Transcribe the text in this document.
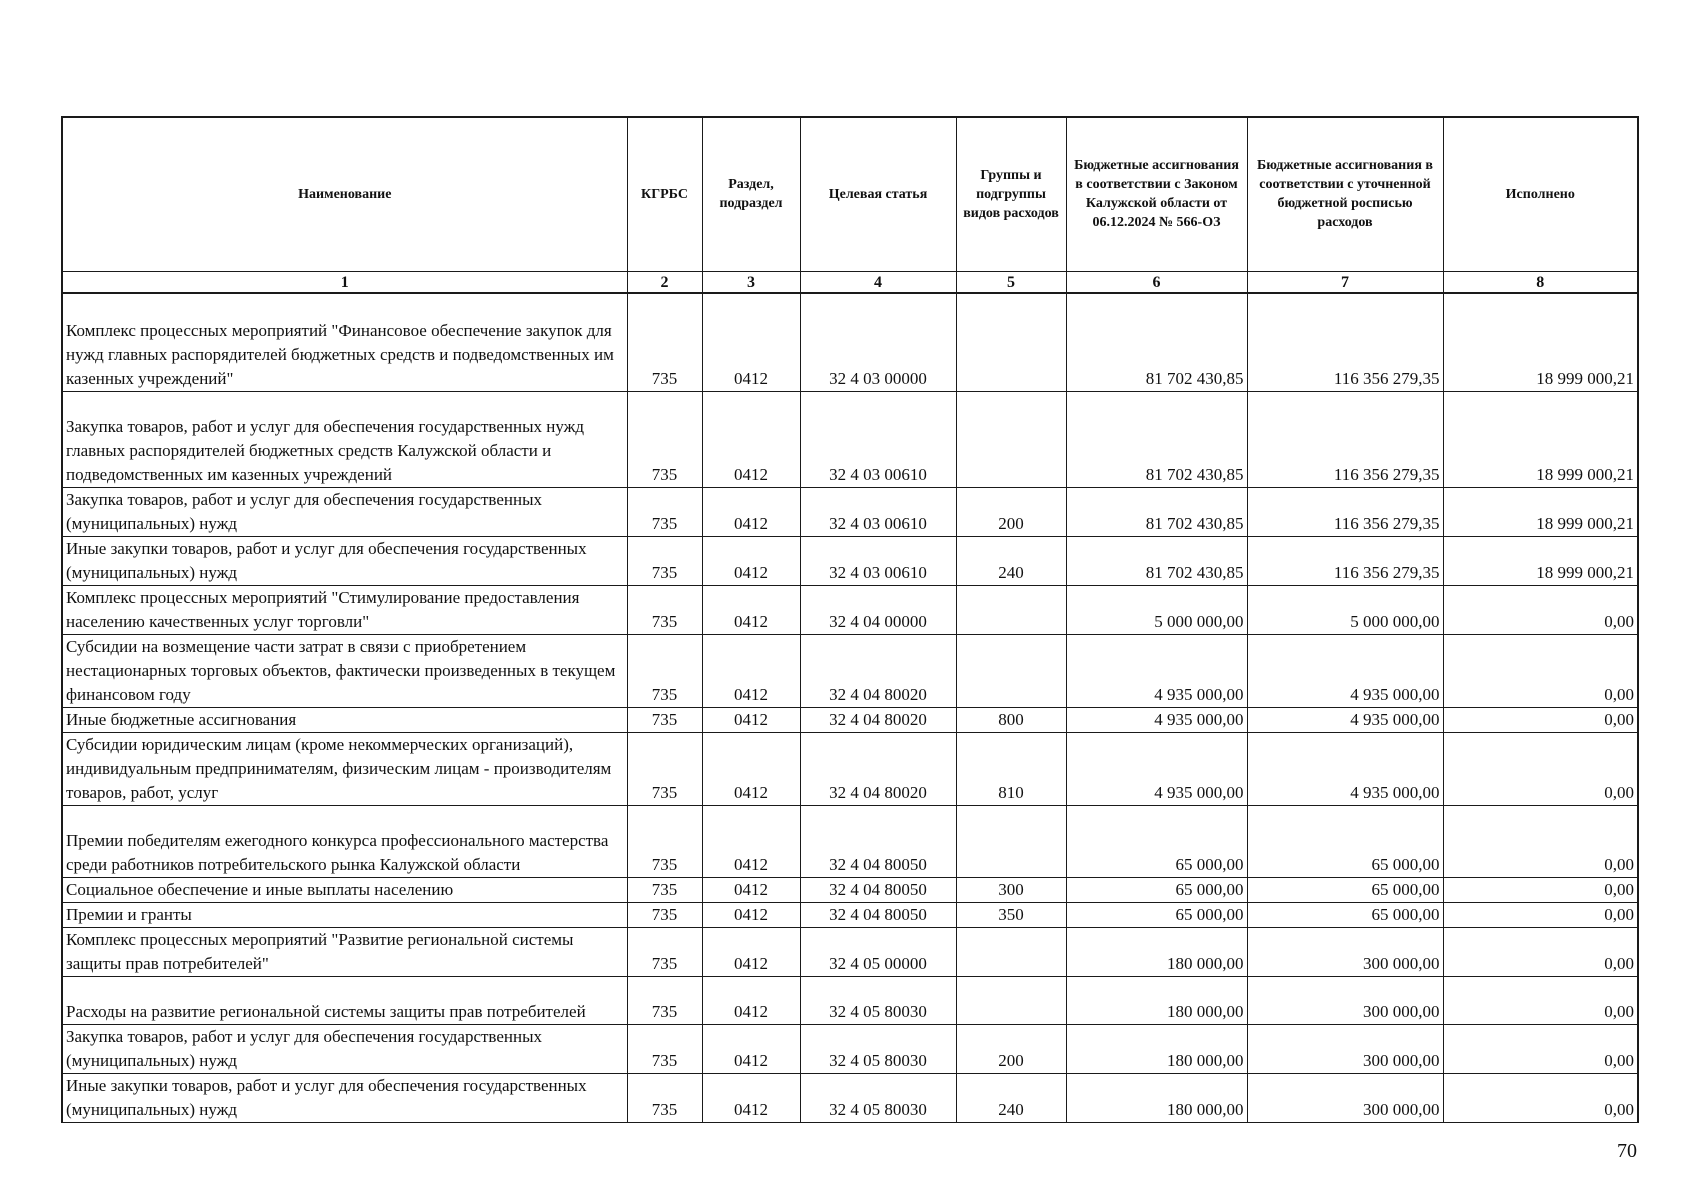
Наименование	КГРБС	Раздел, подраздел	Целевая статья	Группы и подгруппы видов расходов	Бюджетные ассигнования в соответствии с Законом Калужской области от 06.12.2024 № 566-ОЗ	Бюджетные ассигнования в соответствии с уточненной бюджетной росписью расходов	Исполнено
1	2	3	4	5	6	7	8
Комплекс процессных мероприятий "Финансовое обеспечение закупок для нужд главных распорядителей бюджетных средств и подведомственных им казенных учреждений"	735	0412	32 4 03 00000		81 702 430,85	116 356 279,35	18 999 000,21
Закупка товаров, работ и услуг для обеспечения государственных нужд главных распорядителей бюджетных средств Калужской области и подведомственных им казенных учреждений	735	0412	32 4 03 00610		81 702 430,85	116 356 279,35	18 999 000,21
Закупка товаров, работ и услуг для обеспечения государственных (муниципальных) нужд	735	0412	32 4 03 00610	200	81 702 430,85	116 356 279,35	18 999 000,21
Иные закупки товаров, работ и услуг для обеспечения государственных (муниципальных) нужд	735	0412	32 4 03 00610	240	81 702 430,85	116 356 279,35	18 999 000,21
Комплекс процессных мероприятий "Стимулирование предоставления населению качественных услуг торговли"	735	0412	32 4 04 00000		5 000 000,00	5 000 000,00	0,00
Субсидии на возмещение части затрат в связи с приобретением нестационарных торговых объектов, фактически произведенных в текущем финансовом году	735	0412	32 4 04 80020		4 935 000,00	4 935 000,00	0,00
Иные бюджетные ассигнования	735	0412	32 4 04 80020	800	4 935 000,00	4 935 000,00	0,00
Субсидии юридическим лицам (кроме некоммерческих организаций), индивидуальным предпринимателям, физическим лицам - производителям товаров, работ, услуг	735	0412	32 4 04 80020	810	4 935 000,00	4 935 000,00	0,00
Премии победителям ежегодного конкурса профессионального мастерства среди работников потребительского рынка Калужской области	735	0412	32 4 04 80050		65 000,00	65 000,00	0,00
Социальное обеспечение и иные выплаты населению	735	0412	32 4 04 80050	300	65 000,00	65 000,00	0,00
Премии и гранты	735	0412	32 4 04 80050	350	65 000,00	65 000,00	0,00
Комплекс процессных мероприятий "Развитие региональной системы защиты прав потребителей"	735	0412	32 4 05 00000		180 000,00	300 000,00	0,00
Расходы на развитие региональной системы защиты прав потребителей	735	0412	32 4 05 80030		180 000,00	300 000,00	0,00
Закупка товаров, работ и услуг для обеспечения государственных (муниципальных) нужд	735	0412	32 4 05 80030	200	180 000,00	300 000,00	0,00
Иные закупки товаров, работ и услуг для обеспечения государственных (муниципальных) нужд	735	0412	32 4 05 80030	240	180 000,00	300 000,00	0,00
70
